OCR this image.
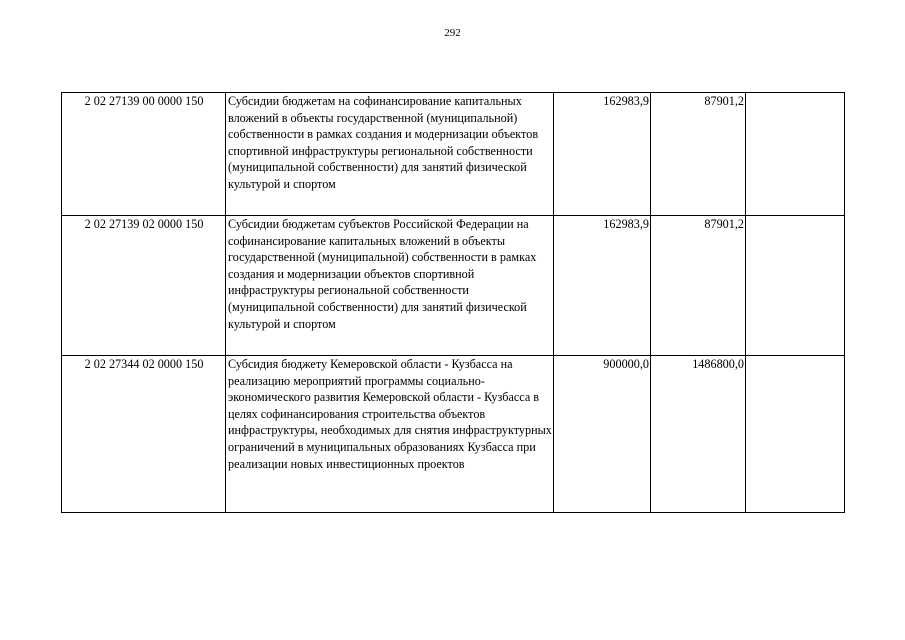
292
2 02 27139 00 0000 150	Субсидии бюджетам на софинансирование капитальных вложений в объекты государственной (муниципальной) собственности в рамках создания и модернизации объектов спортивной инфраструктуры региональной собственности (муниципальной собственности) для занятий физической культурой и спортом	162983,9	87901,2	
2 02 27139 02 0000 150	Субсидии бюджетам субъектов Российской Федерации на софинансирование капитальных вложений в объекты государственной (муниципальной) собственности в рамках создания и модернизации объектов спортивной инфраструктуры региональной собственности (муниципальной собственности) для занятий физической культурой и спортом	162983,9	87901,2	
2 02 27344 02 0000 150	Субсидия бюджету Кемеровской области - Кузбасса на реализацию мероприятий программы социально-экономического развития Кемеровской области - Кузбасса в целях софинансирования строительства объектов инфраструктуры, необходимых для снятия инфраструктурных ограничений в муниципальных образованиях Кузбасса при реализации новых инвестиционных проектов	900000,0	1486800,0	
